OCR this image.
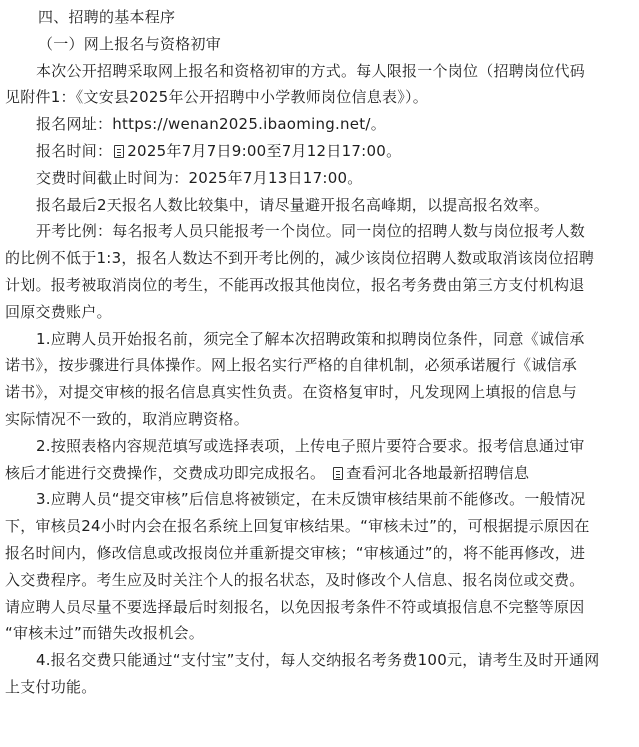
四、招聘的基本程序
（一）网上报名与资格初审
本次公开招聘采取网上报名和资格初审的方式。每人限报一个岗位（招聘岗位代码
见附件1：《文安县2025年公开招聘中小学教师岗位信息表》）。
报名网址：https://wenan2025.ibaoming.net/。
报名时间： 2025年7月7日9:00至7月12日17:00。
交费时间截止时间为：2025年7月13日17:00。
报名最后2天报名人数比较集中，请尽量避开报名高峰期，以提高报名效率。
开考比例：每名报考人员只能报考一个岗位。同一岗位的招聘人数与岗位报考人数
的比例不低于1:3，报名人数达不到开考比例的，减少该岗位招聘人数或取消该岗位招聘
计划。报考被取消岗位的考生，不能再改报其他岗位，报名考务费由第三方支付机构退
回原交费账户。
1.应聘人员开始报名前，须完全了解本次招聘政策和拟聘岗位条件，同意《诚信承
诺书》，按步骤进行具体操作。网上报名实行严格的自律机制，必须承诺履行《诚信承
诺书》，对提交审核的报名信息真实性负责。在资格复审时，凡发现网上填报的信息与
实际情况不一致的，取消应聘资格。
2.按照表格内容规范填写或选择表项，上传电子照片要符合要求。报考信息通过审
核后才能进行交费操作，交费成功即完成报名。 查看河北各地最新招聘信息
3.应聘人员“提交审核”后信息将被锁定，在未反馈审核结果前不能修改。一般情况
下，审核员24小时内会在报名系统上回复审核结果。“审核未过”的，可根据提示原因在
报名时间内，修改信息或改报岗位并重新提交审核；“审核通过”的，将不能再修改，进
入交费程序。考生应及时关注个人的报名状态，及时修改个人信息、报名岗位或交费。
请应聘人员尽量不要选择最后时刻报名，以免因报考条件不符或填报信息不完整等原因
“审核未过”而错失改报机会。
4.报名交费只能通过“支付宝”支付，每人交纳报名考务费100元，请考生及时开通网
上支付功能。
